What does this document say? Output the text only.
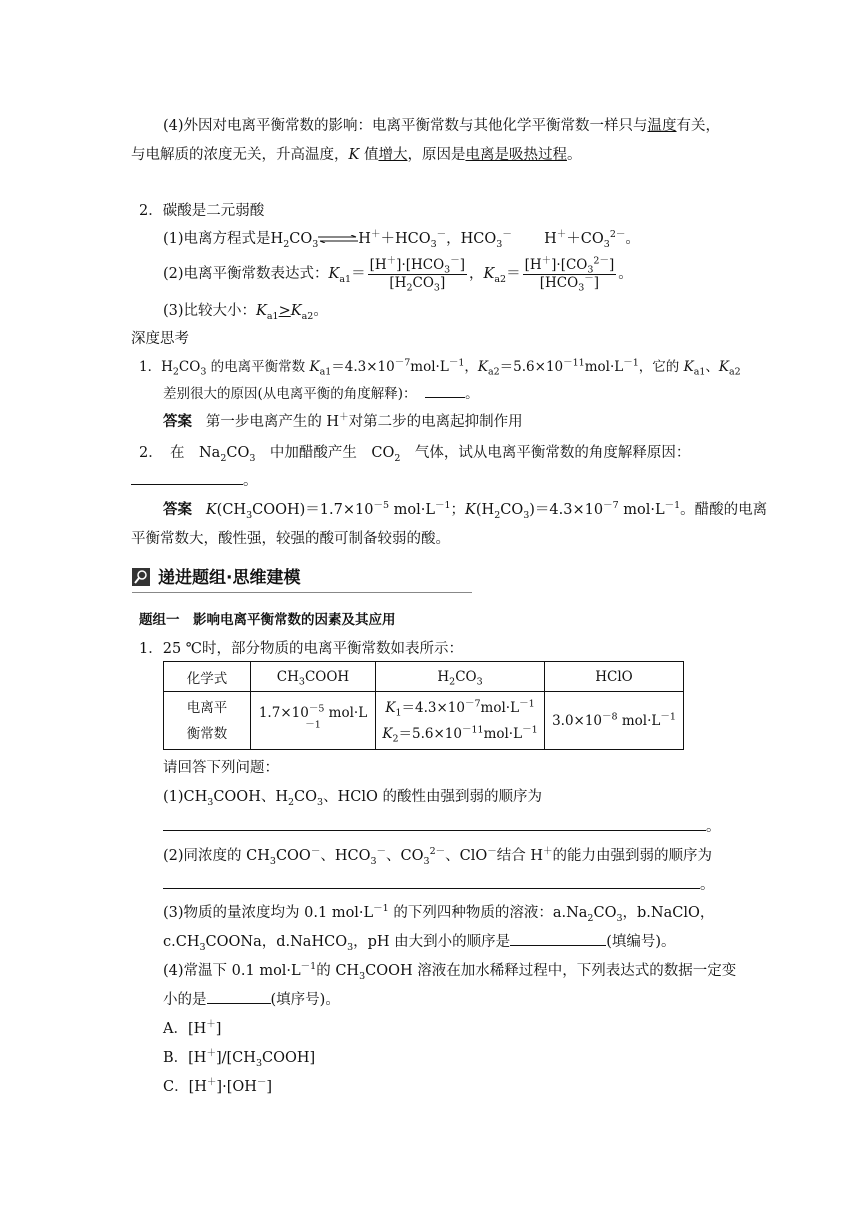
(4)外因对电离平衡常数的影响：电离平衡常数与其他化学平衡常数一样只与温度有关，
与电解质的浓度无关，升高温度，K 值增大，原因是电离是吸热过程。
2．碳酸是二元弱酸
(1)电离方程式是$H_2CO_3\rightleftharpoons H^++HCO_3^-$，$HCO_3^-$       $H^++CO_3^{2-}$。
(2)电离平衡常数表达式：$K_{a1}= \frac{[H^+]\cdot[HCO_3^-]}{[H_2CO_3]}$ ，$K_{a2}= \frac{[H^+]\cdot[CO_3^{2-}]}{[HCO_3^-]}$ 。
(3)比较大小：$K_{a1}>K_{a2}$。
深度思考
1．$H_2CO_3$ 的电离平衡常数 $K_{a1}=4.3\times 10^{-7}mol\cdot L^{-1}$，$K_{a2}=5.6\times 10^{-11}mol\cdot L^{-1}$，它的 $K_{a1}$、$K_{a2}$
差别很大的原因(从电离平衡的角度解释)：	。
答案 第一步电离产生的 H＋对第二步的电离起抑制作用
2．　在　$Na_2CO_3$　中加醋酸产生　$CO_2$　气体，试从电离平衡常数的角度解释原因：
。
答案 $K(CH_3COOH)=1.7\times 10^{-5}$ $mol\cdot L^{-1}$；$K(H_2CO_3)=4.3\times 10^{-7}$ $mol\cdot L^{-1}$。醋酸的电离
平衡常数大，酸性强，较强的酸可制备较弱的酸。
递进题组·思维建模
题组一　影响电离平衡常数的因素及其应用
1．25 ℃时，部分物质的电离平衡常数如表所示：
化学式	$CH_3COOH$	$H_2CO_3$	HClO
电离平
衡常数	$1.7\times 10^{-5}$ $mol\cdot L^{-1}$	$K_1=4.3\times 10^{-7}mol\cdot L^{-1}$
$K_2=5.6\times 10^{-11}mol\cdot L^{-1}$	$3.0\times 10^{-8}$ $mol\cdot L^{-1}$
请回答下列问题：
$(1)CH_3COOH$、$H_2CO_3$、HClO 的酸性由强到弱的顺序为
。
(2)同浓度的 $CH_3COO^-$、$HCO_3^-$、$CO_3^{2-}$、ClO－结合 H＋的能力由强到弱的顺序为
。
(3)物质的量浓度均为 0.1 $mol\cdot L^{-1}$ 的下列四种物质的溶液：$a.Na_2CO_3$，b.NaClO，
$c.CH_3COONa$，d.NaHCO$_3$，pH 由大到小的顺序是	(填编号)。
(4)常温下 0.1 $mol\cdot L^{-1}$的 $CH_3COOH$ 溶液在加水稀释过程中，下列表达式的数据一定变
小的是	(填序号)。
A．[H＋]
B．$[H^+]/[CH_3COOH]$
C．[H＋]·[OH－]
